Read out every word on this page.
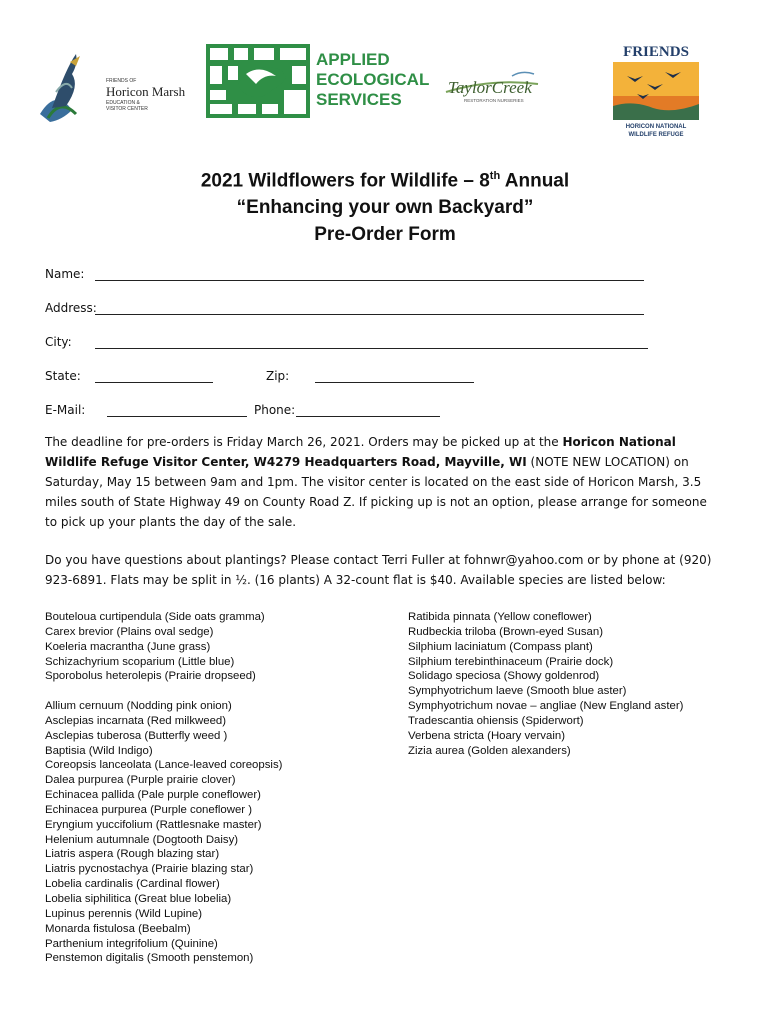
FRIENDS OF
Horicon Marsh
EDUCATION &
VISITOR CENTER
APPLIED
ECOLOGICAL
SERVICES
TaylorCreek
RESTORATION NURSERIES
FRIENDS
HORICON NATIONAL
WILDLIFE REFUGE
2021 Wildflowers for Wildlife – 8th Annual
“Enhancing your own Backyard”
Pre-Order Form
Name:
Address:
City:
State:	Zip:
E-Mail:	Phone:
The deadline for pre-orders is Friday March 26, 2021. Orders may be picked up at the Horicon National Wildlife Refuge Visitor Center, W4279 Headquarters Road, Mayville, WI (NOTE NEW LOCATION) on Saturday, May 15 between 9am and 1pm. The visitor center is located on the east side of Horicon Marsh, 3.5 miles south of State Highway 49 on County Road Z. If picking up is not an option, please arrange for someone to pick up your plants the day of the sale.
Do you have questions about plantings? Please contact Terri Fuller at fohnwr@yahoo.com or by phone at (920) 923-6891. Flats may be split in ½. (16 plants) A 32-count flat is $40. Available species are listed below:
Bouteloua curtipendula (Side oats gramma)
Carex brevior (Plains oval sedge)
Koeleria macrantha (June grass)
Schizachyrium scoparium (Little blue)
Sporobolus heterolepis (Prairie dropseed)
Allium cernuum (Nodding pink onion)
Asclepias incarnata (Red milkweed)
Asclepias tuberosa (Butterfly weed )
Baptisia (Wild Indigo)
Coreopsis lanceolata (Lance-leaved coreopsis)
Dalea purpurea (Purple prairie clover)
Echinacea pallida (Pale purple coneflower)
Echinacea purpurea (Purple coneflower )
Eryngium yuccifolium (Rattlesnake master)
Helenium autumnale (Dogtooth Daisy)
Liatris aspera (Rough blazing star)
Liatris pycnostachya (Prairie blazing star)
Lobelia cardinalis (Cardinal flower)
Lobelia siphilitica (Great blue lobelia)
Lupinus perennis (Wild Lupine)
Monarda fistulosa (Beebalm)
Parthenium integrifolium (Quinine)
Penstemon digitalis (Smooth penstemon)
Ratibida pinnata (Yellow coneflower)
Rudbeckia triloba (Brown-eyed Susan)
Silphium laciniatum (Compass plant)
Silphium terebinthinaceum (Prairie dock)
Solidago speciosa (Showy goldenrod)
Symphyotrichum laeve (Smooth blue aster)
Symphyotrichum novae – angliae (New England aster)
Tradescantia ohiensis (Spiderwort)
Verbena stricta (Hoary vervain)
Zizia aurea (Golden alexanders)
